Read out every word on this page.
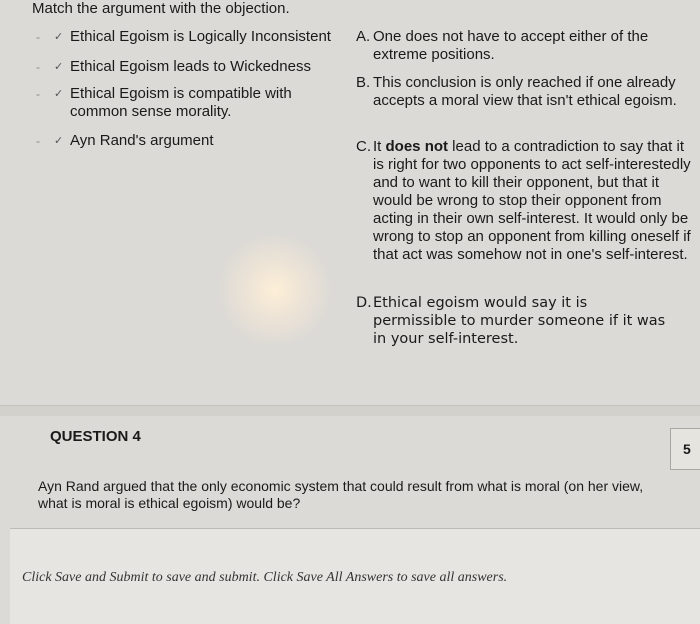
Match the argument with the objection.
-	✓ Ethical Egoism is Logically Inconsistent
-	✓ Ethical Egoism leads to Wickedness
-	✓ Ethical Egoism is compatible with common sense morality.
-	✓ Ayn Rand's argument
A. One does not have to accept either of the extreme positions.
B. This conclusion is only reached if one already accepts a moral view that isn't ethical egoism.
C. It does not lead to a contradiction to say that it is right for two opponents to act self-interestedly and to want to kill their opponent, but that it would be wrong to stop their opponent from acting in their own self-interest. It would only be wrong to stop an opponent from killing oneself if that act was somehow not in one's self-interest.
D. Ethical egoism would say it is permissible to murder someone if it was in your self-interest.
QUESTION 4
5
Ayn Rand argued that the only economic system that could result from what is moral (on her view, what is moral is ethical egoism) would be?
Click Save and Submit to save and submit. Click Save All Answers to save all answers.
